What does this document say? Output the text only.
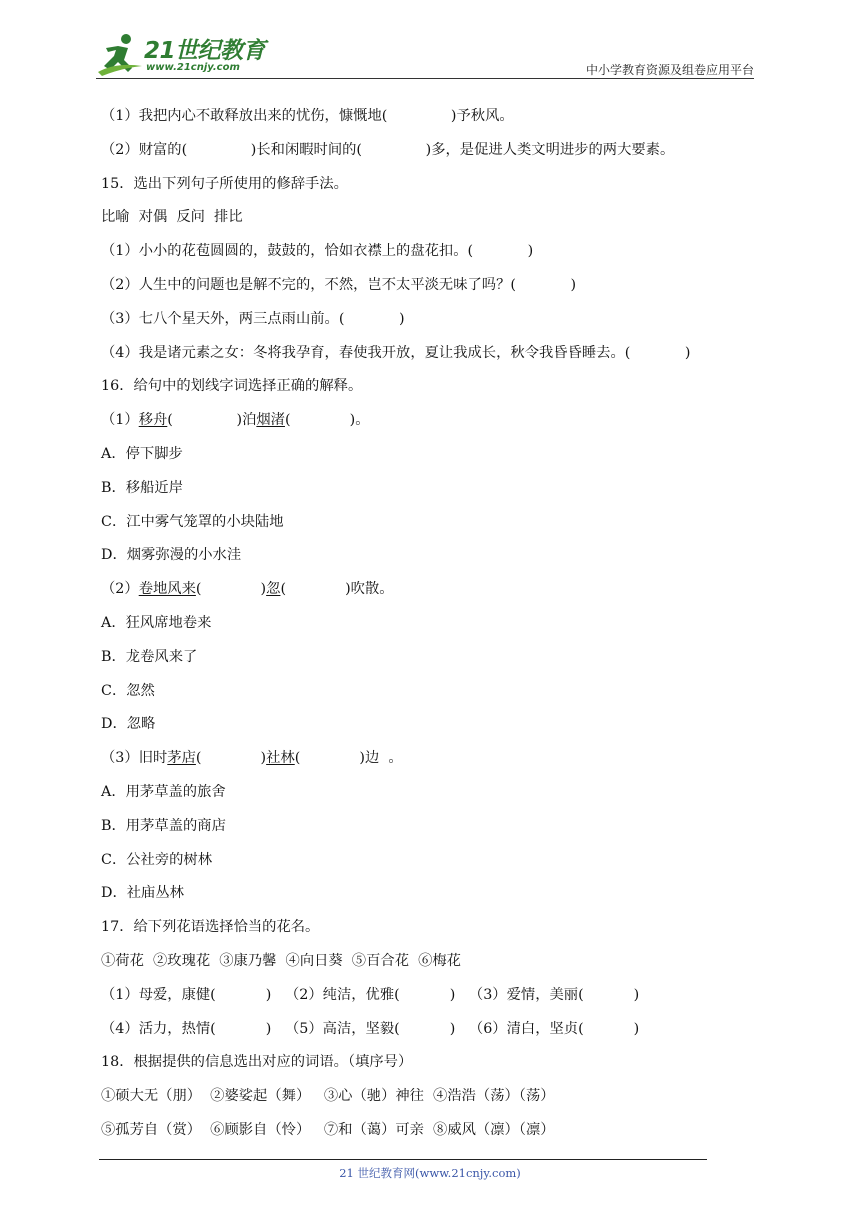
21世纪教育
www.21cnjy.com	中小学教育资源及组卷应用平台
（1）我把内心不敢释放出来的忧伤，慷慨地(              )予秋风。
（2）财富的(              )长和闲暇时间的(              )多，是促进人类文明进步的两大要素。
15．选出下列句子所使用的修辞手法。
比喻  对偶  反问  排比
（1）小小的花苞圆圆的，鼓鼓的，恰如衣襟上的盘花扣。(            )
（2）人生中的问题也是解不完的，不然，岂不太平淡无味了吗？(            )
（3）七八个星天外，两三点雨山前。(            )
（4）我是诸元素之女：冬将我孕育，春使我开放，夏让我成长，秋令我昏昏睡去。(            )
16．给句中的划线字词选择正确的解释。
（1）移舟(              )泊烟渚(             )。
A．停下脚步
B．移船近岸
C．江中雾气笼罩的小块陆地
D．烟雾弥漫的小水洼
（2）卷地风来(             )忽(             )吹散。
A．狂风席地卷来
B．龙卷风来了
C．忽然
D．忽略
（3）旧时茅店(             )社林(             )边  。
A．用茅草盖的旅舍
B．用茅草盖的商店
C．公社旁的树林
D．社庙丛林
17．给下列花语选择恰当的花名。
①荷花  ②玫瑰花  ③康乃馨  ④向日葵  ⑤百合花  ⑥梅花
（1）母爱，康健(           )   （2）纯洁，优雅(           )   （3）爱情，美丽(           )
（4）活力，热情(           )   （5）高洁，坚毅(           )   （6）清白，坚贞(           )
18．根据提供的信息选出对应的词语。（填序号）
①硕大无（朋）  ②婆娑起（舞）   ③心（驰）神往  ④浩浩（荡）（荡）
⑤孤芳自（赏）  ⑥顾影自（怜）   ⑦和（蔼）可亲  ⑧威风（凛）（凛）
21 世纪教育网(www.21cnjy.com)
